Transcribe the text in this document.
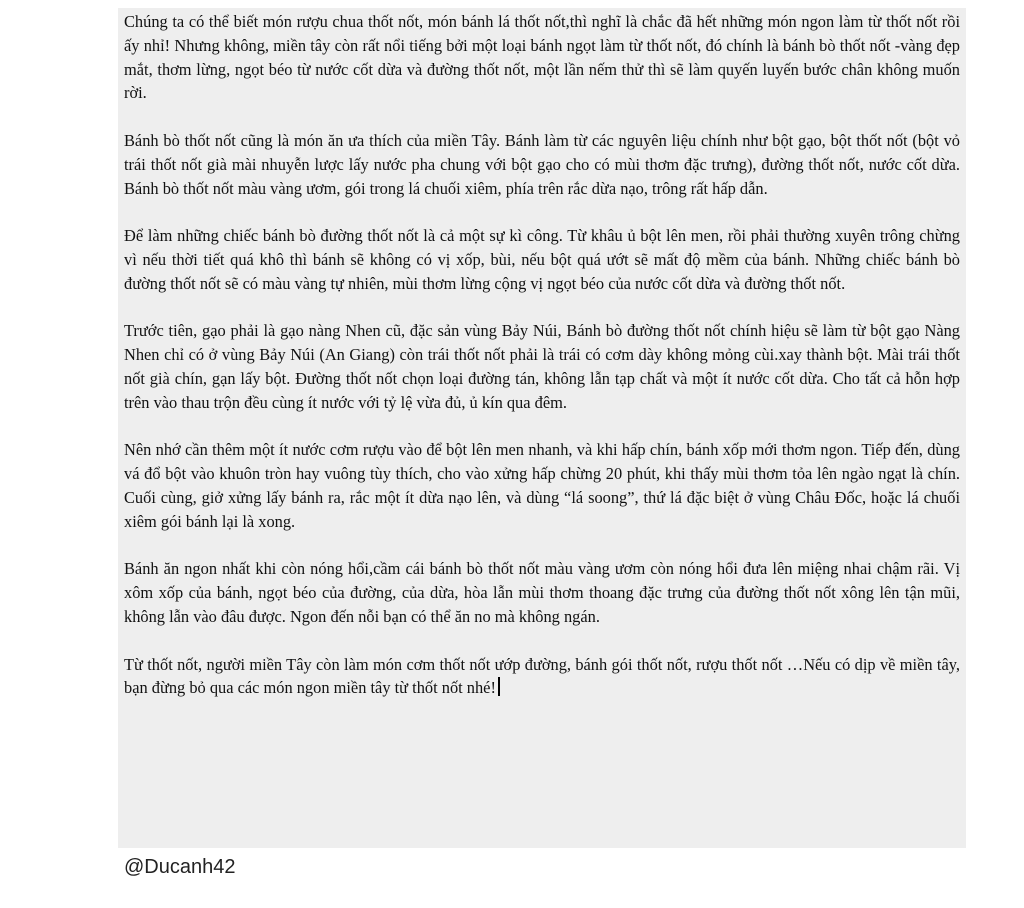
Chúng ta có thể biết món rượu chua thốt nốt, món bánh lá thốt nốt,thì nghĩ là chắc đã hết những món ngon làm từ thốt nốt rồi ấy nhỉ! Nhưng không, miền tây còn rất nổi tiếng bởi một loại bánh ngọt làm từ thốt nốt, đó chính là bánh bò thốt nốt -vàng đẹp mắt, thơm lừng, ngọt béo từ nước cốt dừa và đường thốt nốt, một lần nếm thử thì sẽ làm quyến luyến bước chân không muốn rời.

Bánh bò thốt nốt cũng là món ăn ưa thích của miền Tây. Bánh làm từ các nguyên liệu chính như bột gạo, bột thốt nốt (bột vỏ trái thốt nốt già mài nhuyễn lược lấy nước pha chung với bột gạo cho có mùi thơm đặc trưng), đường thốt nốt, nước cốt dừa. Bánh bò thốt nốt màu vàng ươm, gói trong lá chuối xiêm, phía trên rắc dừa nạo, trông rất hấp dẫn.

Để làm những chiếc bánh bò đường thốt nốt là cả một sự kì công. Từ khâu ủ bột lên men, rồi phải thường xuyên trông chừng vì nếu thời tiết quá khô thì bánh sẽ không có vị xốp, bùi, nếu bột quá ướt sẽ mất độ mềm của bánh. Những chiếc bánh bò đường thốt nốt sẽ có màu vàng tự nhiên, mùi thơm lừng cộng vị ngọt béo của nước cốt dừa và đường thốt nốt.

Trước tiên, gạo phải là gạo nàng Nhen cũ, đặc sản vùng Bảy Núi, Bánh bò đường thốt nốt chính hiệu sẽ làm từ bột gạo Nàng Nhen chỉ có ở vùng Bảy Núi (An Giang) còn trái thốt nốt phải là trái có cơm dày không mỏng cùi.xay thành bột. Mài trái thốt nốt già chín, gạn lấy bột. Đường thốt nốt chọn loại đường tán, không lẫn tạp chất và một ít nước cốt dừa. Cho tất cả hỗn hợp trên vào thau trộn đều cùng ít nước với tỷ lệ vừa đủ, ủ kín qua đêm.

Nên nhớ cần thêm một ít nước cơm rượu vào để bột lên men nhanh, và khi hấp chín, bánh xốp mới thơm ngon. Tiếp đến, dùng vá đổ bột vào khuôn tròn hay vuông tùy thích, cho vào xửng hấp chừng 20 phút, khi thấy mùi thơm tỏa lên ngào ngạt là chín. Cuối cùng, giở xửng lấy bánh ra, rắc một ít dừa nạo lên, và dùng “lá soong”, thứ lá đặc biệt ở vùng Châu Đốc, hoặc lá chuối xiêm gói bánh lại là xong.

Bánh ăn ngon nhất khi còn nóng hổi,cầm cái bánh bò thốt nốt màu vàng ươm còn nóng hổi đưa lên miệng nhai chậm rãi. Vị xôm xốp của bánh, ngọt béo của đường, của dừa, hòa lẫn mùi thơm thoang đặc trưng của đường thốt nốt xông lên tận mũi, không lẫn vào đâu được. Ngon đến nỗi bạn có thể ăn no mà không ngán.

Từ thốt nốt, người miền Tây còn làm món cơm thốt nốt ướp đường, bánh gói thốt nốt, rượu thốt nốt …Nếu có dịp về miền tây, bạn đừng bỏ qua các món ngon miền tây từ thốt nốt nhé!

@Ducanh42
